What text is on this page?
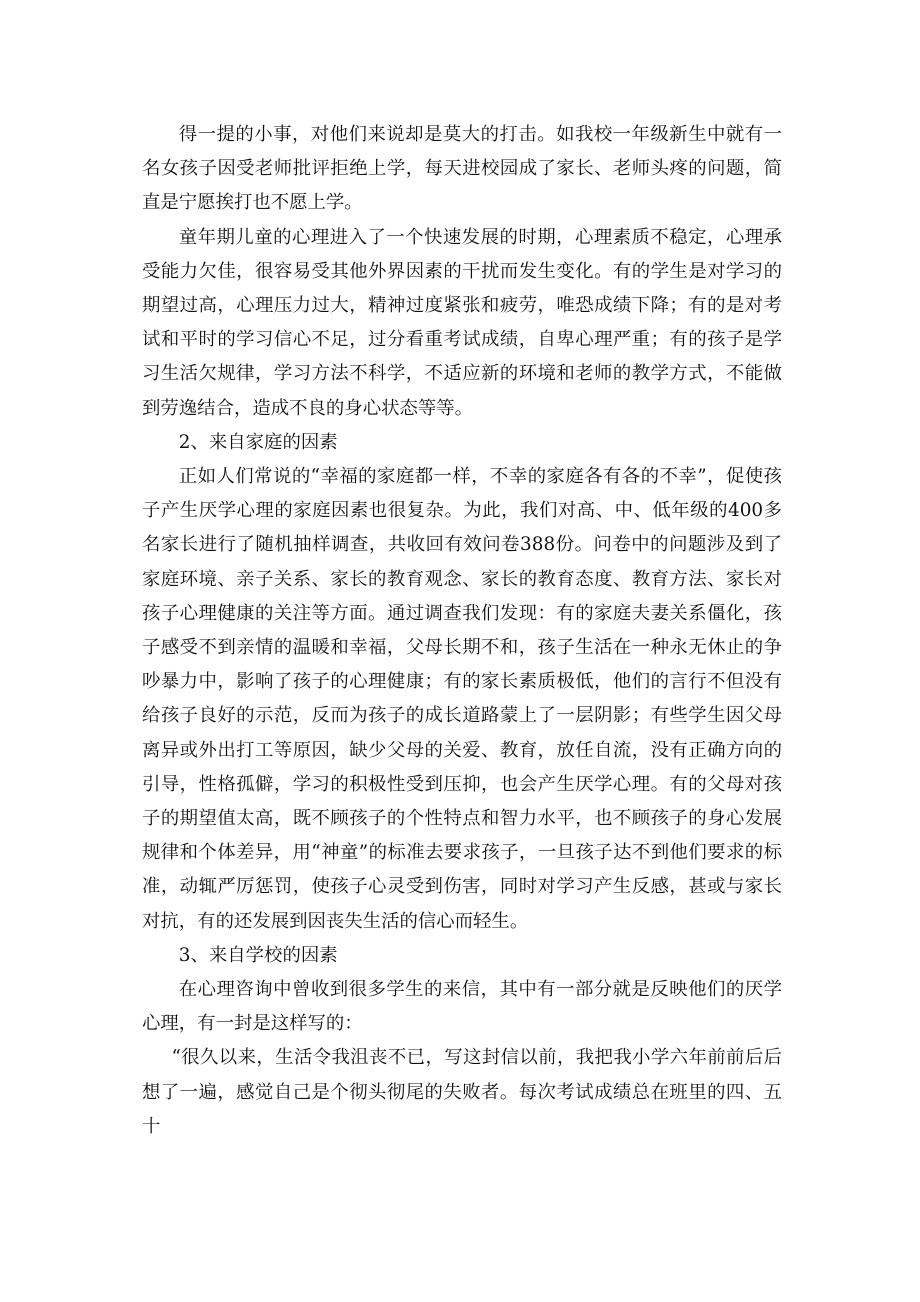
得一提的小事，对他们来说却是莫大的打击。如我校一年级新生中就有一名女孩子因受老师批评拒绝上学，每天进校园成了家长、老师头疼的问题，简直是宁愿挨打也不愿上学。

童年期儿童的心理进入了一个快速发展的时期，心理素质不稳定，心理承受能力欠佳，很容易受其他外界因素的干扰而发生变化。有的学生是对学习的期望过高，心理压力过大，精神过度紧张和疲劳，唯恐成绩下降；有的是对考试和平时的学习信心不足，过分看重考试成绩，自卑心理严重；有的孩子是学习生活欠规律，学习方法不科学，不适应新的环境和老师的教学方式，不能做到劳逸结合，造成不良的身心状态等等。

2、来自家庭的因素

正如人们常说的“幸福的家庭都一样，不幸的家庭各有各的不幸”，促使孩子产生厌学心理的家庭因素也很复杂。为此，我们对高、中、低年级的400多名家长进行了随机抽样调查，共收回有效问卷388份。问卷中的问题涉及到了家庭环境、亲子关系、家长的教育观念、家长的教育态度、教育方法、家长对孩子心理健康的关注等方面。通过调查我们发现：有的家庭夫妻关系僵化，孩子感受不到亲情的温暖和幸福，父母长期不和，孩子生活在一种永无休止的争吵暴力中，影响了孩子的心理健康；有的家长素质极低，他们的言行不但没有给孩子良好的示范，反而为孩子的成长道路蒙上了一层阴影；有些学生因父母离异或外出打工等原因，缺少父母的关爱、教育，放任自流，没有正确方向的引导，性格孤僻，学习的积极性受到压抑，也会产生厌学心理。有的父母对孩子的期望值太高，既不顾孩子的个性特点和智力水平，也不顾孩子的身心发展规律和个体差异，用“神童”的标准去要求孩子，一旦孩子达不到他们要求的标准，动辄严厉惩罚，使孩子心灵受到伤害，同时对学习产生反感，甚或与家长对抗，有的还发展到因丧失生活的信心而轻生。

3、来自学校的因素

在心理咨询中曾收到很多学生的来信，其中有一部分就是反映他们的厌学心理，有一封是这样写的：

“很久以来，生活令我沮丧不已，写这封信以前，我把我小学六年前前后后想了一遍，感觉自己是个彻头彻尾的失败者。每次考试成绩总在班里的四、五十
